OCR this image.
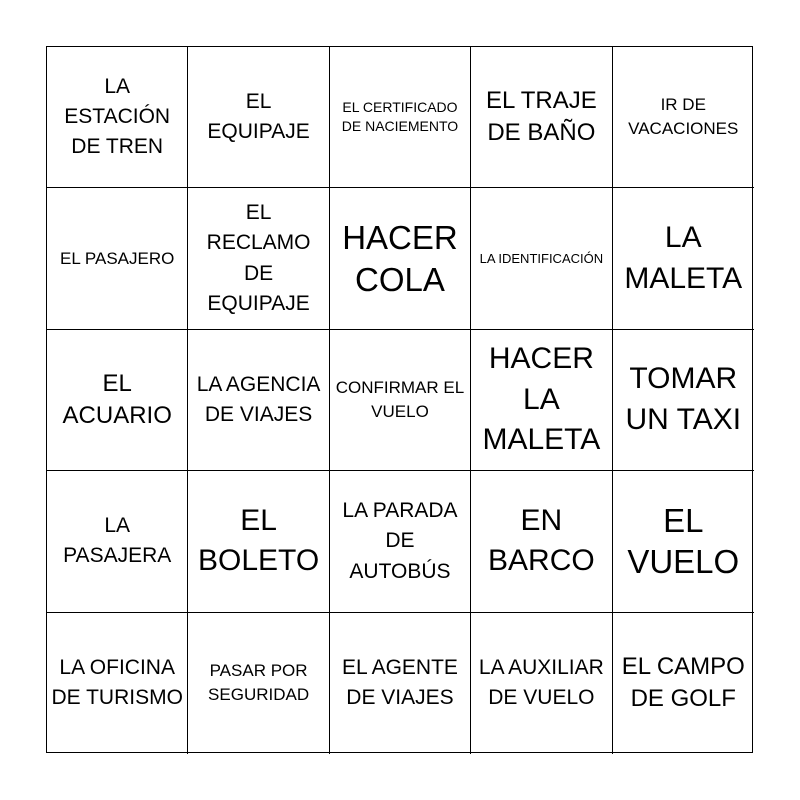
LA ESTACIÓN DE TREN
EL EQUIPAJE
EL CERTIFICADO DE NACIEMENTO
EL TRAJE DE BAÑO
IR DE VACACIONES
EL PASAJERO
EL RECLAMO DE EQUIPAJE
HACER COLA
LA IDENTIFICACIÓN
LA MALETA
EL ACUARIO
LA AGENCIA DE VIAJES
CONFIRMAR EL VUELO
HACER LA MALETA
TOMAR UN TAXI
LA PASAJERA
EL BOLETO
LA PARADA DE AUTOBÚS
EN BARCO
EL VUELO
LA OFICINA DE TURISMO
PASAR POR SEGURIDAD
EL AGENTE DE VIAJES
LA AUXILIAR DE VUELO
EL CAMPO DE GOLF
